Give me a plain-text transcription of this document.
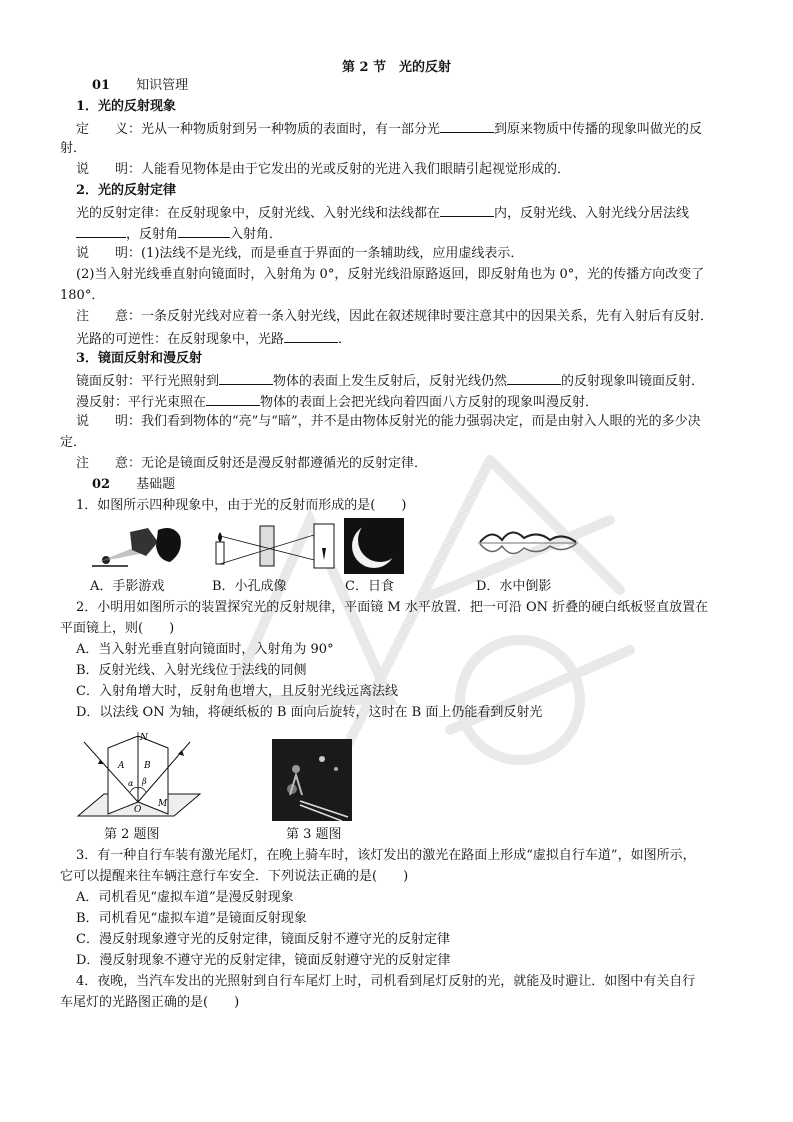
第 2 节　光的反射
01 知识管理
1．光的反射现象
定　　义：光从一种物质射到另一种物质的表面时，有一部分光	到原来物质中传播的现象叫做光的反
射．
说　　明：人能看见物体是由于它发出的光或反射的光进入我们眼睛引起视觉形成的．
2．光的反射定律
光的反射定律：在反射现象中，反射光线、入射光线和法线都在	内，反射光线、入射光线分居法线
，反射角	入射角．
说　　明：(1)法线不是光线，而是垂直于界面的一条辅助线，应用虚线表示．
(2)当入射光线垂直射向镜面时，入射角为 0°，反射光线沿原路返回，即反射角也为 0°，光的传播方向改变了
180°．
注　　意：一条反射光线对应着一条入射光线，因此在叙述规律时要注意其中的因果关系，先有入射后有反射．
光路的可逆性：在反射现象中，光路	．
3．镜面反射和漫反射
镜面反射：平行光照射到	物体的表面上发生反射后，反射光线仍然	的反射现象叫镜面反射．
漫反射：平行光束照在	物体的表面上会把光线向着四面八方反射的现象叫漫反射．
说　　明：我们看到物体的“亮”与“暗”，并不是由物体反射光的能力强弱决定，而是由射入人眼的光的多少决
定．
注　　意：无论是镜面反射还是漫反射都遵循光的反射定律．
02 基础题
1．如图所示四种现象中，由于光的反射而形成的是(　　)
A．手影游戏	B．小孔成像	C．日食	D．水中倒影
2．小明用如图所示的装置探究光的反射规律，平面镜 M 水平放置．把一可沿 ON 折叠的硬白纸板竖直放置在
平面镜上，则(　　)
A．当入射光垂直射向镜面时，入射角为 90°
B．反射光线、入射光线位于法线的同侧
C．入射角增大时，反射角也增大，且反射光线远离法线
D．以法线 ON 为轴，将硬纸板的 B 面向后旋转，这时在 B 面上仍能看到反射光
N
A B
α β
O
M
第 2 题图	第 3 题图
3．有一种自行车装有激光尾灯，在晚上骑车时，该灯发出的激光在路面上形成“虚拟自行车道”，如图所示，
它可以提醒来往车辆注意行车安全．下列说法正确的是(　　)
A．司机看见“虚拟车道”是漫反射现象
B．司机看见“虚拟车道”是镜面反射现象
C．漫反射现象遵守光的反射定律，镜面反射不遵守光的反射定律
D．漫反射现象不遵守光的反射定律，镜面反射遵守光的反射定律
4．夜晚，当汽车发出的光照射到自行车尾灯上时，司机看到尾灯反射的光，就能及时避让．如图中有关自行
车尾灯的光路图正确的是(　　)
